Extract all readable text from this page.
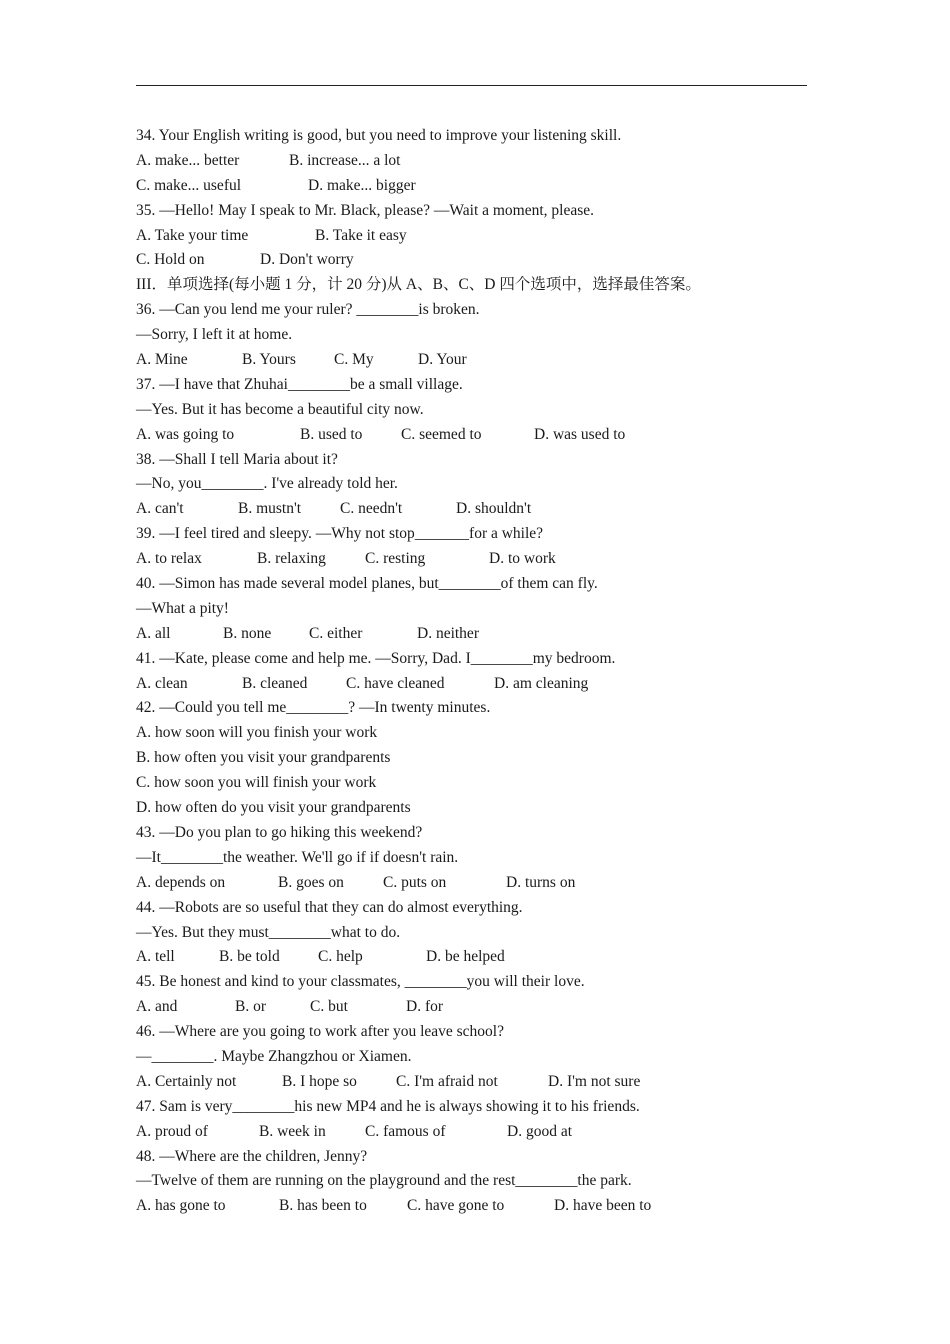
34. Your English writing is good, but you need to improve your listening skill.
A. make... better	B. increase... a lot
C. make... useful	D. make... bigger
35. —Hello! May I speak to Mr. Black, please? —Wait a moment, please.
A. Take your time	B. Take it easy
C. Hold on	D. Don't worry
III．单项选择(每小题 1 分，计 20 分)从 A、B、C、D 四个选项中，选择最佳答案。
36. —Can you lend me your ruler? ________is broken.
—Sorry, I left it at home.
A. Mine	B. Yours C. My	D. Your
37. —I have that Zhuhai________be a small village.
—Yes. But it has become a beautiful city now.
A. was going to	B. used to C. seemed to	D. was used to
38. —Shall I tell Maria about it?
—No, you________. I've already told her.
A. can't	B. mustn't	C. needn't	D. shouldn't
39. —I feel tired and sleepy. —Why not stop_______for a while?
A. to relax	B. relaxing	C. resting	D. to work
40. —Simon has made several model planes, but________of them can fly.
—What a pity!
A. all	B. none C. either	D. neither
41. —Kate, please come and help me. —Sorry, Dad. I________my bedroom.
A. clean	B. cleaned C. have cleaned	D. am cleaning
42. —Could you tell me________? —In twenty minutes.
A. how soon will you finish your work
B. how often you visit your grandparents
C. how soon you will finish your work
D. how often do you visit your grandparents
43. —Do you plan to go hiking this weekend?
—It________the weather. We'll go if if doesn't rain.
A. depends on	B. goes on	C. puts on	D. turns on
44. —Robots are so useful that they can do almost everything.
—Yes. But they must________what to do.
A. tell	B. be told C. help	D. be helped
45. Be honest and kind to your classmates, ________you will their love.
A. and	B. or	C. but	D. for
46. —Where are you going to work after you leave school?
—________. Maybe Zhangzhou or Xiamen.
A. Certainly not	B. I hope so	C. I'm afraid not	D. I'm not sure
47. Sam is very________his new MP4 and he is always showing it to his friends.
A. proud of	B. week in	C. famous of	D. good at
48. —Where are the children, Jenny?
—Twelve of them are running on the playground and the rest________the park.
A. has gone to	B. has been to	C. have gone to	D. have been to
